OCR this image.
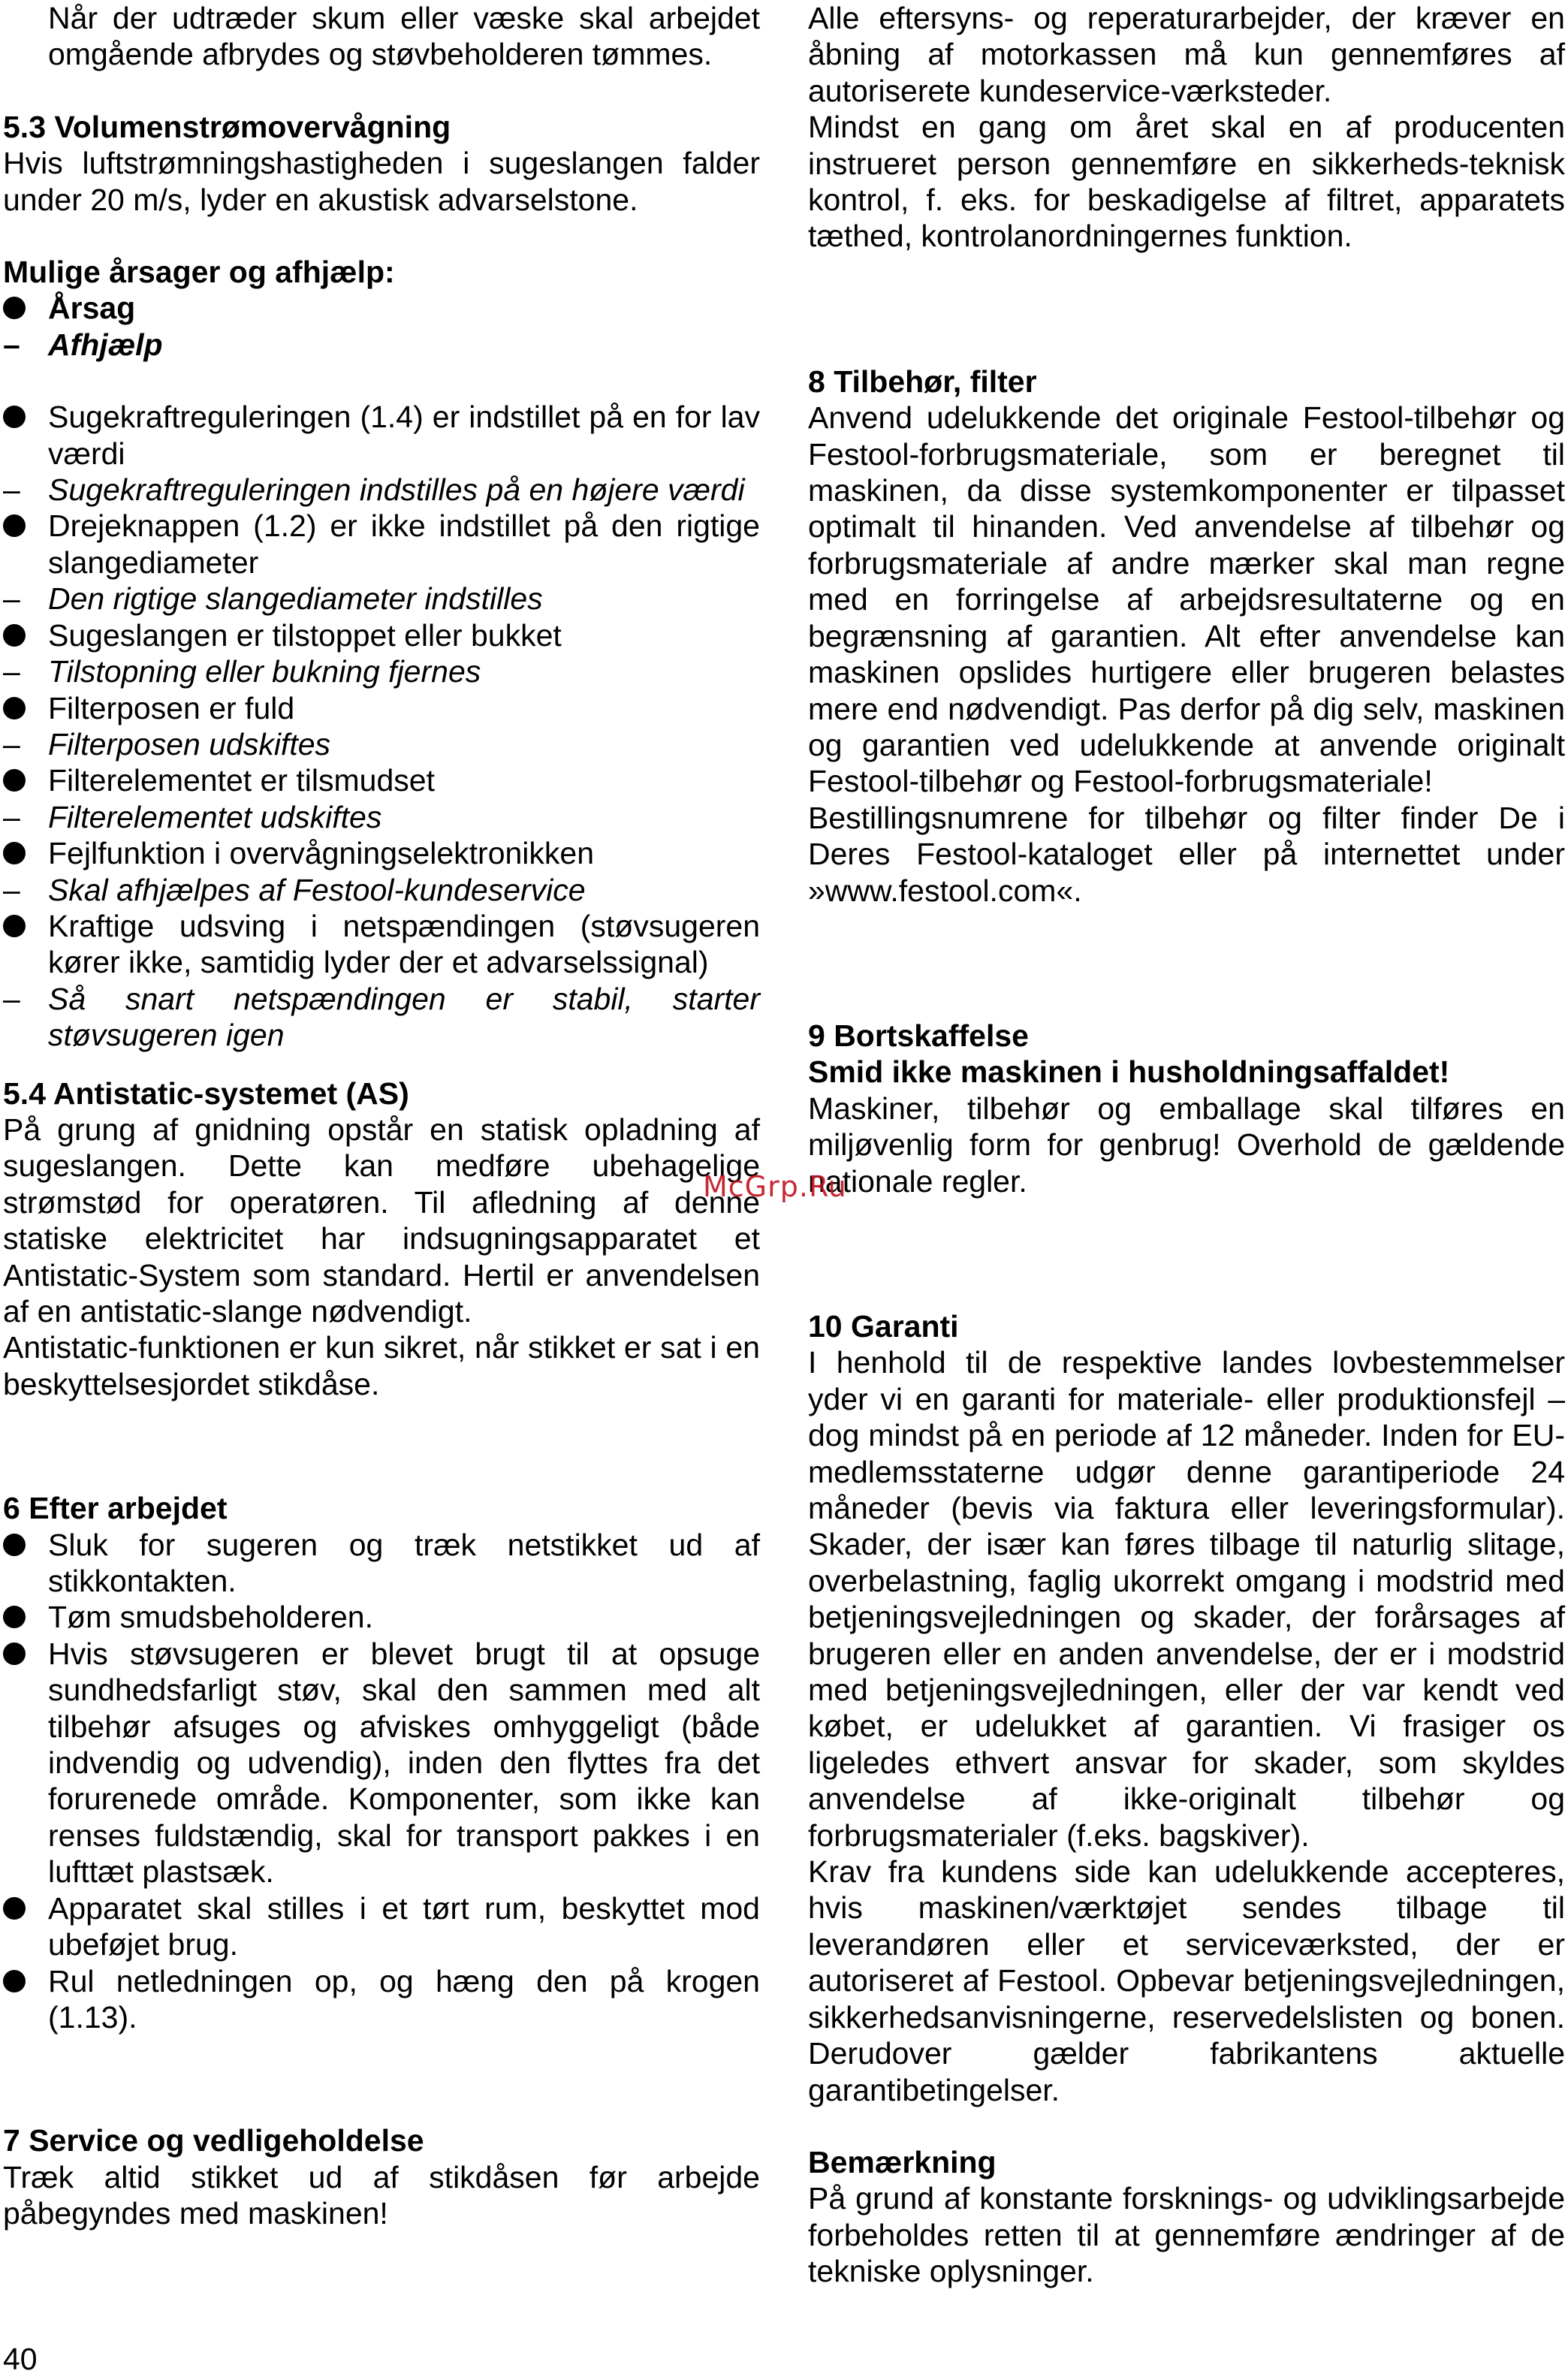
Når der udtræder skum eller væske skal arbejdet omgående afbrydes og støvbeholderen tømmes.
5.3 Volumenstrømovervågning

Hvis luftstrømningshastigheden i sugeslangen falder under 20 m/s, lyder en akustisk advarselstone.

Mulige årsager og afhjælp:
Årsag
– Afhjælp
Sugekraftreguleringen (1.4) er indstillet på en for lav værdi
– Sugekraftreguleringen indstilles på en højere værdi
Drejeknappen (1.2) er ikke indstillet på den rigtige slangediameter
– Den rigtige slangediameter indstilles
Sugeslangen er tilstoppet eller bukket
– Tilstopning eller bukning fjernes
Filterposen er fuld
– Filterposen udskiftes
Filterelementet er tilsmudset
– Filterelementet udskiftes
Fejlfunktion i overvågningselektronikken
– Skal afhjælpes af Festool-kundeservice
Kraftige udsving i netspændingen (støvsugeren kører ikke, samtidig lyder der et advarselssignal)
– Så snart netspændingen er stabil, starter støvsugeren igen
5.4 Antistatic-systemet (AS)

På grung af gnidning opstår en statisk opladning af sugeslangen. Dette kan medføre ubehagelige strømstød for operatøren. Til afledning af denne statiske elektricitet har indsugningsapparatet et Antistatic-System som standard. Hertil er anvendelsen af en antistatic-slange nødvendigt.

Antistatic-funktionen er kun sikret, når stikket er sat i en beskyttelsesjordet stikdåse.

6 Efter arbejdet
Sluk for sugeren og træk netstikket ud af stikkontakten.
Tøm smudsbeholderen.
Hvis støvsugeren er blevet brugt til at opsuge sundhedsfarligt støv, skal den sammen med alt tilbehør afsuges og afviskes omhyggeligt (både indvendig og udvendig), inden den flyttes fra det forurenede område. Komponenter, som ikke kan renses fuldstændig, skal for transport pakkes i en lufttæt plastsæk.
Apparatet skal stilles i et tørt rum, beskyttet mod ubeføjet brug.
Rul netledningen op, og hæng den på krogen (1.13).
7 Service og vedligeholdelse

Træk altid stikket ud af stikdåsen før arbejde påbegyndes med maskinen!

Alle eftersyns- og reperaturarbejder, der kræver en åbning af motorkassen må kun gennemføres af autoriserete kundeservice-værksteder.

Mindst en gang om året skal en af producenten instrueret person gennemføre en sikkerheds-teknisk kontrol, f. eks. for beskadigelse af filtret, apparatets tæthed, kontrolanordningernes funktion.

8 Tilbehør, filter

Anvend udelukkende det originale Festool-tilbehør og Festool-forbrugsmateriale, som er beregnet til maskinen, da disse systemkomponenter er tilpasset optimalt til hinanden. Ved anvendelse af tilbehør og forbrugsmateriale af andre mærker skal man regne med en forringelse af arbejdsresultaterne og en begrænsning af garantien. Alt efter anvendelse kan maskinen opslides hurtigere eller brugeren belastes mere end nødvendigt. Pas derfor på dig selv, maskinen og garantien ved udelukkende at anvende originalt Festool-tilbehør og Festool-forbrugsmateriale!

Bestillingsnumrene for tilbehør og filter finder De i Deres Festool-kataloget eller på internettet under »www.festool.com«.

9 Bortskaffelse

Smid ikke maskinen i husholdningsaffaldet!

Maskiner, tilbehør og emballage skal tilføres en miljøvenlig form for genbrug! Overhold de gældende nationale regler.

10 Garanti

I henhold til de respektive landes lovbestemmelser yder vi en garanti for materiale- eller produktionsfejl – dog mindst på en periode af 12 måneder. Inden for EU-medlemsstaterne udgør denne garantiperiode 24 måneder (bevis via faktura eller leveringsformular). Skader, der især kan føres tilbage til naturlig slitage, overbelastning, faglig ukorrekt omgang i modstrid med betjeningsvejledningen og skader, der forårsages af brugeren eller en anden anvendelse, der er i modstrid med betjeningsvejledningen, eller der var kendt ved købet, er udelukket af garantien. Vi frasiger os ligeledes ethvert ansvar for skader, som skyldes anvendelse af ikke-originalt tilbehør og forbrugsmaterialer (f.eks. bagskiver).

Krav fra kundens side kan udelukkende accepteres, hvis maskinen/værktøjet sendes tilbage til leverandøren eller et serviceværksted, der er autoriseret af Festool. Opbevar betjeningsvejledningen, sikkerhedsanvisningerne, reservedelslisten og bonen. Derudover gælder fabrikantens aktuelle garantibetingelser.

Bemærkning

På grund af konstante forsknings- og udviklingsarbejde forbeholdes retten til at gennemføre ændringer af de tekniske oplysninger.

McGrp.Ru
40
